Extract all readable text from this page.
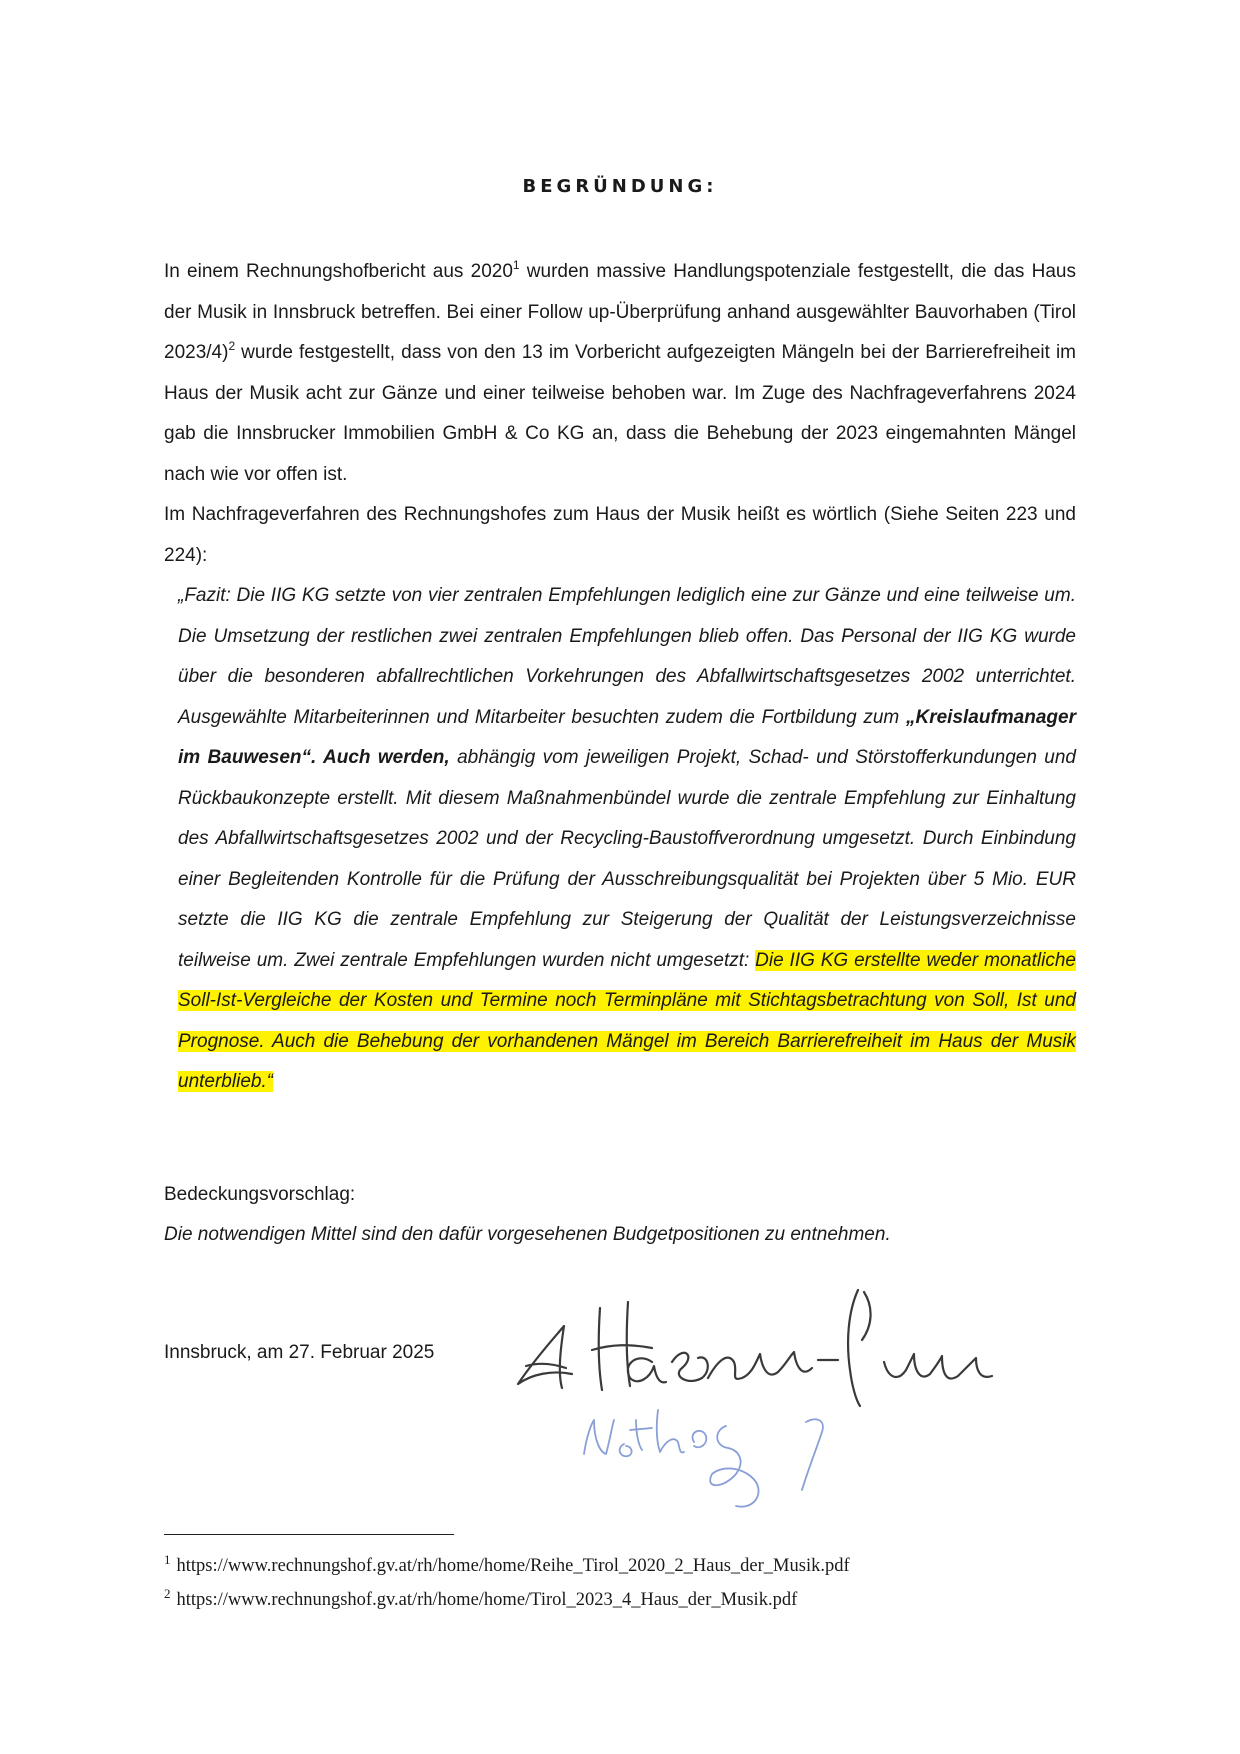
BEGRÜNDUNG:

In einem Rechnungshofbericht aus 2020$^1$ wurden massive Handlungspotenziale festgestellt, die das Haus der Musik in Innsbruck betreffen. Bei einer Follow up-Überprüfung anhand ausgewählter Bauvorhaben (Tirol 2023/4)$^2$ wurde festgestellt, dass von den 13 im Vorbericht aufgezeigten Mängeln bei der Barrierefreiheit im Haus der Musik acht zur Gänze und einer teilweise behoben war. Im Zuge des Nachfrageverfahrens 2024 gab die Innsbrucker Immobilien GmbH & Co KG an, dass die Behebung der 2023 eingemahnten Mängel nach wie vor offen ist.

Im Nachfrageverfahren des Rechnungshofes zum Haus der Musik heißt es wörtlich (Siehe Seiten 223 und 224):

„Fazit: Die IIG KG setzte von vier zentralen Empfehlungen lediglich eine zur Gänze und eine teilweise um. Die Umsetzung der restlichen zwei zentralen Empfehlungen blieb offen. Das Personal der IIG KG wurde über die besonderen abfallrechtlichen Vorkehrungen des Abfallwirtschaftsgesetzes 2002 unterrichtet. Ausgewählte Mitarbeiterinnen und Mitarbeiter besuchten zudem die Fortbildung zum „Kreislaufmanager im Bauwesen“. Auch werden, abhängig vom jeweiligen Projekt, Schad- und Störstofferkundungen und Rückbaukonzepte erstellt. Mit diesem Maßnahmenbündel wurde die zentrale Empfehlung zur Einhaltung des Abfallwirtschaftsgesetzes 2002 und der Recycling-Baustoffverordnung umgesetzt. Durch Einbindung einer Begleitenden Kontrolle für die Prüfung der Ausschreibungsqualität bei Projekten über 5 Mio. EUR setzte die IIG KG die zentrale Empfehlung zur Steigerung der Qualität der Leistungsverzeichnisse teilweise um. Zwei zentrale Empfehlungen wurden nicht umgesetzt: Die IIG KG erstellte weder monatliche Soll-Ist-Vergleiche der Kosten und Termine noch Terminpläne mit Stichtagsbetrachtung von Soll, Ist und Prognose. Auch die Behebung der vorhandenen Mängel im Bereich Barrierefreiheit im Haus der Musik unterblieb.“
Bedeckungsvorschlag:
Die notwendigen Mittel sind den dafür vorgesehenen Budgetpositionen zu entnehmen.
Innsbruck, am 27. Februar 2025
$^1$ https://www.rechnungshof.gv.at/rh/home/home/Reihe_Tirol_2020_2_Haus_der_Musik.pdf
$^2$ https://www.rechnungshof.gv.at/rh/home/home/Tirol_2023_4_Haus_der_Musik.pdf
